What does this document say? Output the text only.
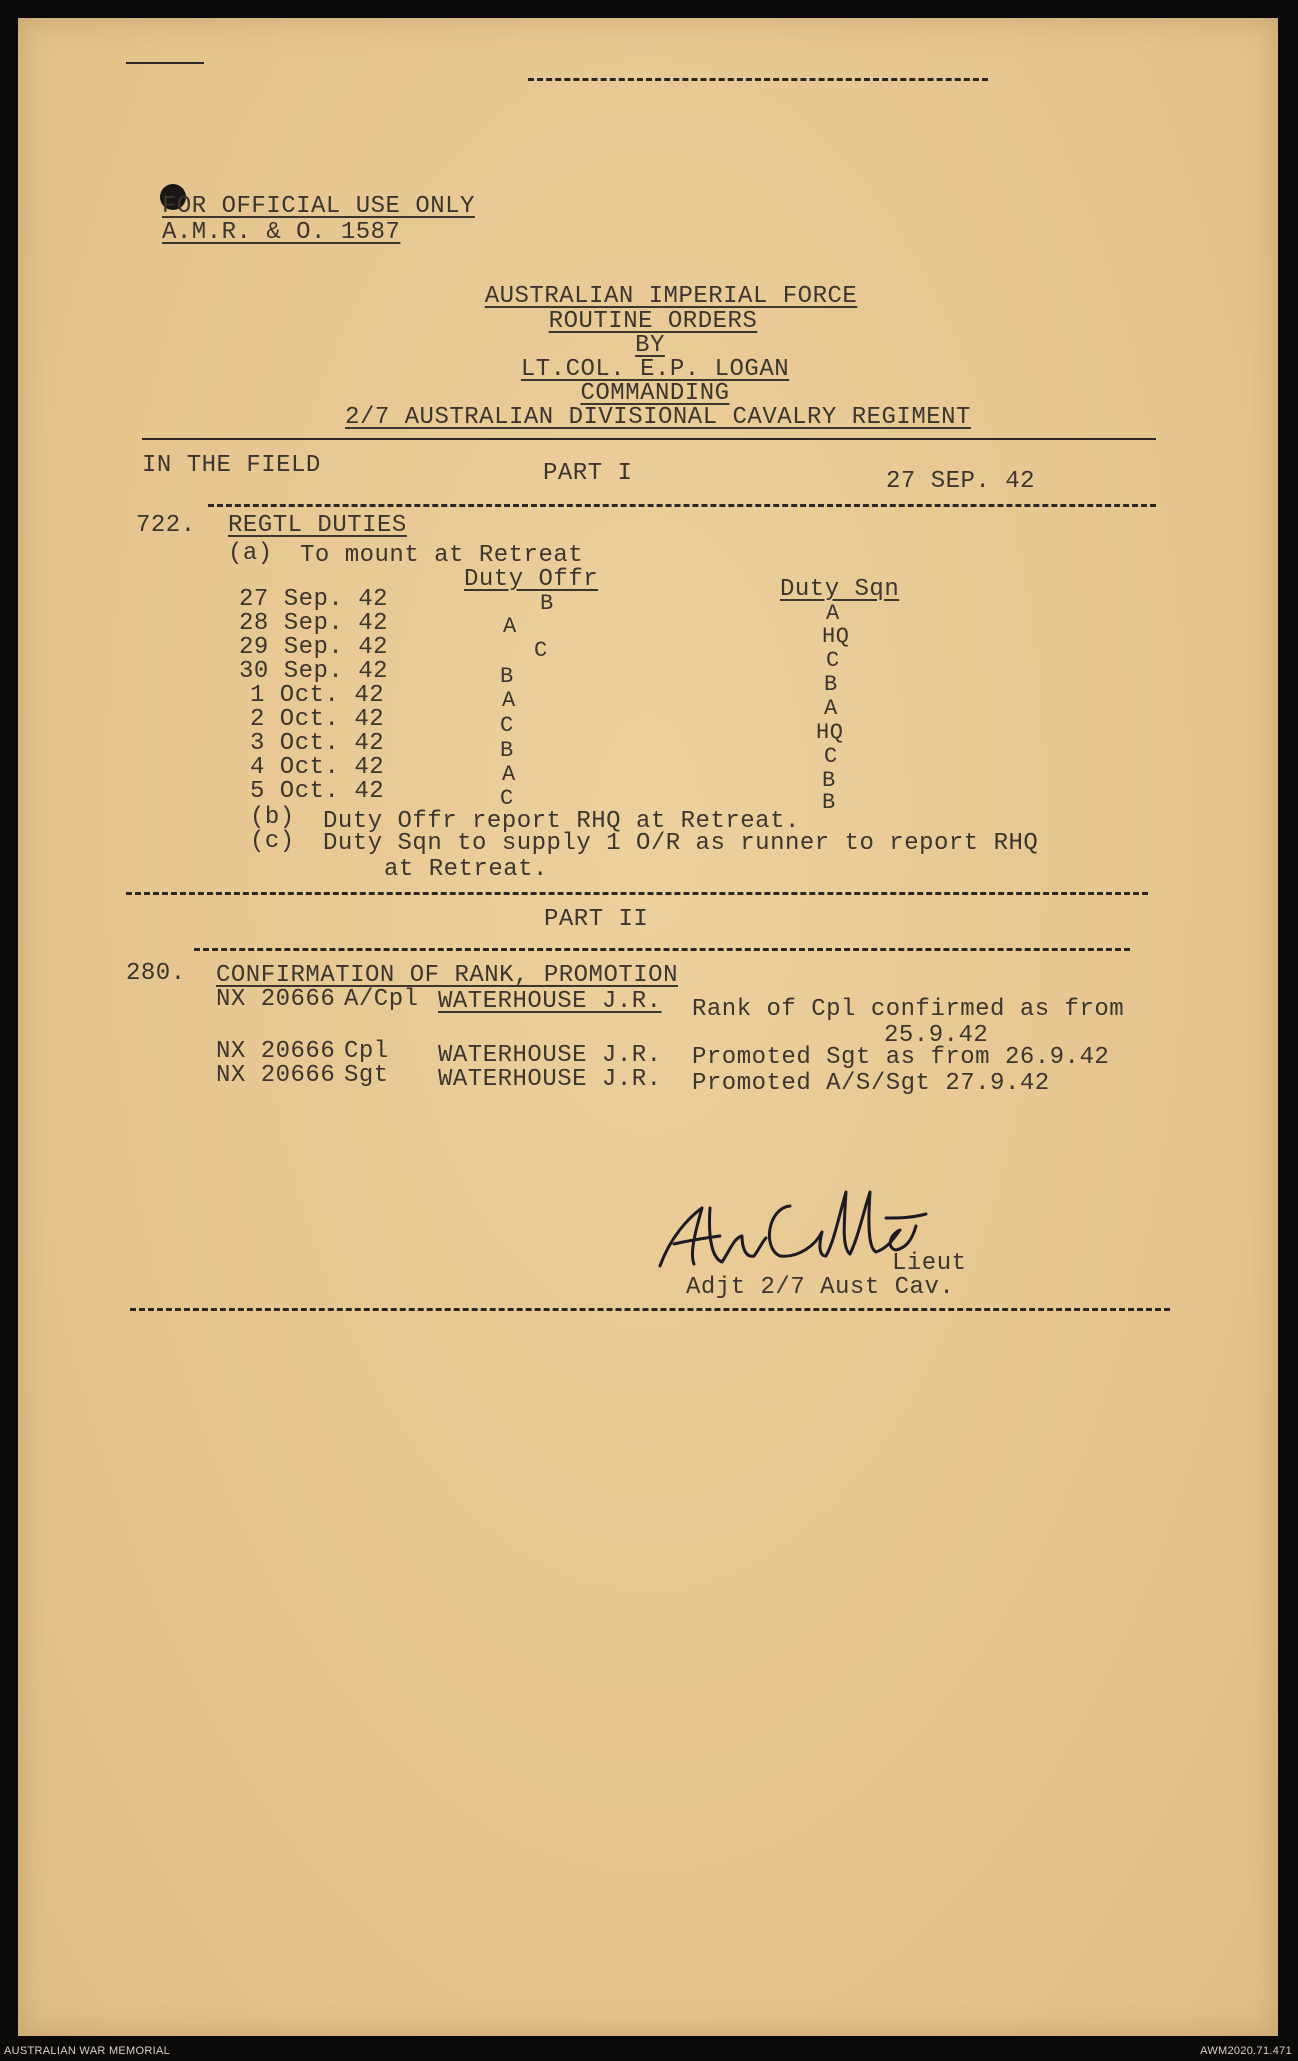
FOR OFFICIAL USE ONLY
A.M.R. & O. 1587
AUSTRALIAN IMPERIAL FORCE
ROUTINE ORDERS
BY
LT.COL. E.P. LOGAN
COMMANDING
2/7 AUSTRALIAN DIVISIONAL CAVALRY REGIMENT
IN THE FIELD	PART I	27 SEP. 42
722. REGTL DUTIES
(a) To mount at Retreat
Duty Offr	Duty Sqn
27 Sep. 42	B	A
28 Sep. 42	A	HQ
29 Sep. 42	C	C
30 Sep. 42	B	B
1 Oct. 42	A	A
2 Oct. 42	C	HQ
3 Oct. 42	B	C
4 Oct. 42	A	B
5 Oct. 42	C	B
(b) Duty Offr report RHQ at Retreat.
(c) Duty Sqn to supply 1 O/R as runner to report RHQ
at Retreat.
PART II
280. CONFIRMATION OF RANK, PROMOTION
NX 20666 A/Cpl WATERHOUSE J.R. Rank of Cpl confirmed as from
25.9.42
NX 20666 Cpl WATERHOUSE J.R. Promoted Sgt as from 26.9.42
NX 20666 Sgt WATERHOUSE J.R. Promoted A/S/Sgt 27.9.42
Lieut
Adjt 2/7 Aust Cav.
AUSTRALIAN WAR MEMORIAL	AWM2020.71.471
